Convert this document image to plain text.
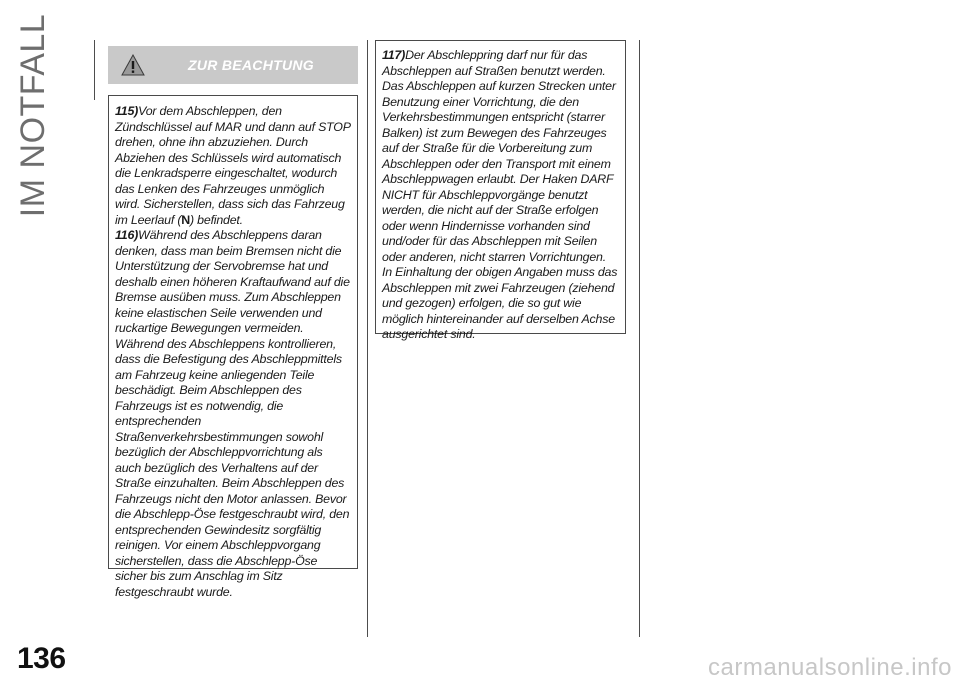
IM NOTFALL	ZUR BEACHTUNG

115)Vor dem Abschleppen, den Zündschlüssel auf MAR und dann auf STOP drehen, ohne ihn abzuziehen. Durch Abziehen des Schlüssels wird automatisch die Lenkradsperre eingeschaltet, wodurch das Lenken des Fahrzeuges unmöglich wird. Sicherstellen, dass sich das Fahrzeug im Leerlauf (N) befindet.

116)Während des Abschleppens daran denken, dass man beim Bremsen nicht die Unterstützung der Servobremse hat und deshalb einen höheren Kraftaufwand auf die Bremse ausüben muss. Zum Abschleppen keine elastischen Seile verwenden und ruckartige Bewegungen vermeiden. Während des Abschleppens kontrollieren, dass die Befestigung des Abschleppmittels am Fahrzeug keine anliegenden Teile beschädigt. Beim Abschleppen des Fahrzeugs ist es notwendig, die entsprechenden Straßenverkehrsbestimmungen sowohl bezüglich der Abschleppvorrichtung als auch bezüglich des Verhaltens auf der Straße einzuhalten. Beim Abschleppen des Fahrzeugs nicht den Motor anlassen. Bevor die Abschlepp-Öse festgeschraubt wird, den entsprechenden Gewindesitz sorgfältig reinigen. Vor einem Abschleppvorgang sicherstellen, dass die Abschlepp-Öse sicher bis zum Anschlag im Sitz festgeschraubt wurde.

117)Der Abschleppring darf nur für das Abschleppen auf Straßen benutzt werden. Das Abschleppen auf kurzen Strecken unter Benutzung einer Vorrichtung, die den Verkehrsbestimmungen entspricht (starrer Balken) ist zum Bewegen des Fahrzeuges auf der Straße für die Vorbereitung zum Abschleppen oder den Transport mit einem Abschleppwagen erlaubt. Der Haken DARF NICHT für Abschleppvorgänge benutzt werden, die nicht auf der Straße erfolgen oder wenn Hindernisse vorhanden sind und/oder für das Abschleppen mit Seilen oder anderen, nicht starren Vorrichtungen. In Einhaltung der obigen Angaben muss das Abschleppen mit zwei Fahrzeugen (ziehend und gezogen) erfolgen, die so gut wie möglich hintereinander auf derselben Achse ausgerichtet sind.

136	carmanualsonline.info
